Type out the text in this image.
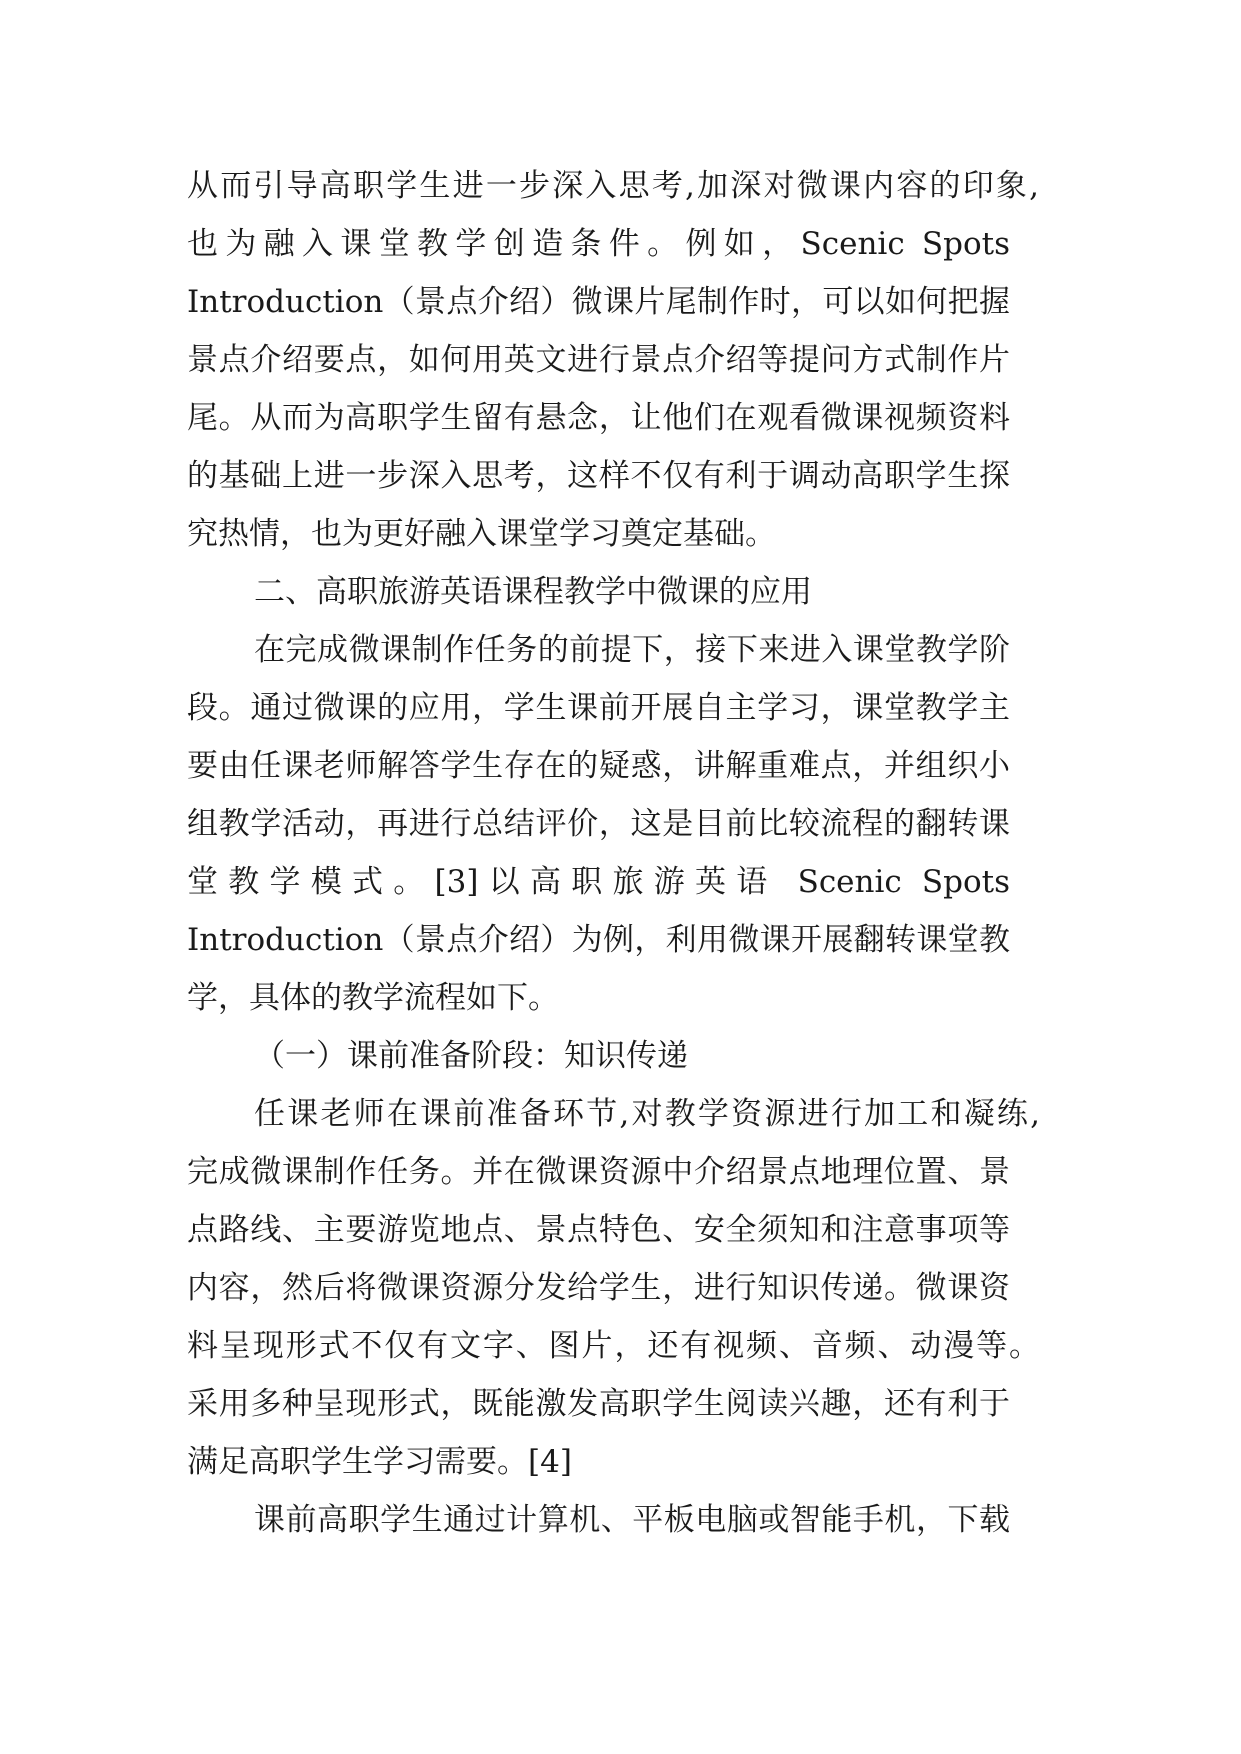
从而引导高职学生进一步深入思考,加深对微课内容的印象,
也为融入课堂教学创造条件。例如，Scenic Spots
Introduction（景点介绍）微课片尾制作时，可以如何把握
景点介绍要点，如何用英文进行景点介绍等提问方式制作片
尾。从而为高职学生留有悬念，让他们在观看微课视频资料
的基础上进一步深入思考，这样不仅有利于调动高职学生探
究热情，也为更好融入课堂学习奠定基础。
二、高职旅游英语课程教学中微课的应用
在完成微课制作任务的前提下，接下来进入课堂教学阶
段。通过微课的应用，学生课前开展自主学习，课堂教学主
要由任课老师解答学生存在的疑惑，讲解重难点，并组织小
组教学活动，再进行总结评价，这是目前比较流程的翻转课
堂教学模式。[3]以高职旅游英语 Scenic Spots
Introduction（景点介绍）为例，利用微课开展翻转课堂教
学，具体的教学流程如下。
（一）课前准备阶段：知识传递
任课老师在课前准备环节,对教学资源进行加工和凝练,
完成微课制作任务。并在微课资源中介绍景点地理位置、景
点路线、主要游览地点、景点特色、安全须知和注意事项等
内容，然后将微课资源分发给学生，进行知识传递。微课资
料呈现形式不仅有文字、图片，还有视频、音频、动漫等。
采用多种呈现形式，既能激发高职学生阅读兴趣，还有利于
满足高职学生学习需要。[4]
课前高职学生通过计算机、平板电脑或智能手机，下载
